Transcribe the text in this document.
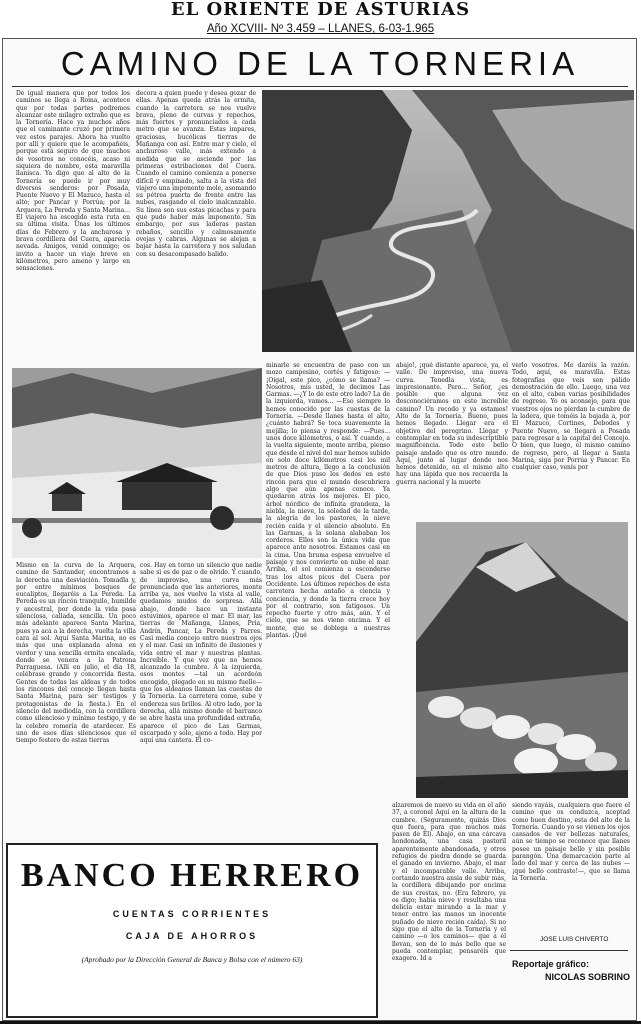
EL ORIENTE DE ASTURIAS
Año XCVIII- Nº 3.459 – LLANES, 6-03-1.965
CAMINO DE LA TORNERIA
De igual manera que por todos los caminos se llega a Roma, acontece que por todas partes podremos alcanzar este milagro extraño que es la Tornería. Hace ya muchos años que el caminante cruzó por primera vez estos parajes. Ahora ha vuelto por allí y quiere que le acompañéis, porque está seguro de que muchos de vosotros no conocéis, acaso ni siquiera de nombre, esta maravilla llanisca. Ya digo que al alto de la Tornería se puede ir por muy diversos senderos: por Posada, Puente Nuevo y El Mazuco, hasta el alto; por Pancar y Porrúa; por la Arquera, La Pereda y Santa Marina... El viajero ha escogido esta ruta en su última visita. Unas los últimos días de Febrero y la anchurosa y brava cordillera del Cuera, aparecía nevada. Amigos, venid conmigo; os invito a hacer un viaje breve en kilómetros, pero ameno y largo en sensaciones.
decora a quien puede y desea gozar de ellas. Apenas queda atrás la ermita, cuando la carretera se nos vuelve brava, pleno de curvas y repechos, más fuertes y pronunciados a cada metro que se avanza. Estas impares, graciosas, bucólicas tierras de Mañanga con así. Entre mar y cielo, el anchuroso valle, más extendo a medida que se asciende por las primeras estribaciones del Cuera. Cuando el camino comienza a ponerse difícil y empinado, salta a la vista del viajero una imponente mole, asomando su pétrea puerta de frente entre las nubes, rasgando el cielo inalcanzable. Su línea son sus estas picachas y para que pudo haber más imponente. Sin embargo, por sus laderas pastan rebaños, sencillo y calmosamente ovejas y cabras. Algunas se alejan a bajar hasta la carretera y nos saludan con su desacompasado balido.
minarle se encuentra de paso con un mozo campesino, cortés y fatigoso: —¡Oigal, este pico, ¿cómo se llama? —Nosotros, mis usted, le decimos Las Garmas. —¿Y lo de este otro lado? La de la izquierda, vamos... —Eso siempre lo hemos conocido por las cuestas de la Tornería. —Desde llanes hasta el alto, ¿cuánto habrá? Se toca suavemente la mejilla; lo piensa y responde: —Pues... unos doce kilómetros, o así. Y cuando, a la vuelta siguiente, monte arriba, pienso que desde el nivel del mar hemos subido en solo doce kilómetros casi los mil metros de altura, llego a la conclusión de que Dios puso los dedos en este rincón para que el mundo descubriera algo que aún apenas conoce. Ya quedaron atrás los mejores. El pico, árbol nórdico de infinita grandeza, la niebla, la nieve, la soledad de la tarde, la alegría de los pastores, la nieve recién caída y el silencio absoluto. En las Garmas, a la solana alababan los corderos. Ellos son la única vida que aparece ante nosotros. Estamos casi en la cima. Una bruma espesa envuelve el paisaje y nos convierte en nube el mar. Arriba, el sol comienza a esconderse tras los altos picos del Cuera por Occidente. Los últimos repechos de esta carretera hecha antaño a ciencia y conciencia, y donde la tierra crece hoy por el contrario, son fatigosos. Un repecho fuerte y otro más, aún. Y el cielo, que se nos viene encima. Y el monte, que se doblega a nuestras plantas. ¡Qué
abajo!, ¡qué distante aparece, ya, el valle. De improviso, una nueva curva. Tenedla vista, es impresionante. Pero... Señor, ¿es posible que alguna vez desconociéramos en este increíble camino? Un recodo y ya estamos! Alto de la Tornería. Bueno, pues hemos llegado. Llegar era el objetivo del peregrino. Llegar y contemplar en toda su indescriptible magnificencia. Todo este bello paisaje andado que es otro mundo. Aquí, junto al lugar donde nos hemos detenido, en el mismo alto hay una lápida que nos recuerda la guerra nacional y la muerte
verlo vosotros. Me daréis la razón. Todo, aquí, es maravilla. Estas fotografías que veis son pálido demostración de ello. Luego, una vez en el alto, caben varias posibilidades de regreso. Yo os aconsejo, para que vuestros ojos no pierdan la cumbre de la ladera, que toméis la bajada a, por El Mazuco, Cortines, Debodes y Puente Nuevo, se llegará a Posada para regresar a la capital del Concejo. O bien, que luego, el mismo camino de regreso, pero, al llegar a Santa Marina, siga por Porrúa y Pancar. En cualquier caso, venís por
Mismo en la curva de la Arquera, camino de Santander, encontramos a la derecha una desviación. Tomadla y, por entre mínimos bosques de eucaliptos, llegaréis a La Pereda. La Pereda es un rincón tranquilo, humilde y ancestral, por donde la vida pasa silenciosa, callada, sencilla. Un poco más adelante aparece Santa Marina, pues ya acá a la derecha, vuelta la villa cara al sol. Aquí Santa Marina, no es más que una explanada alona en verdor y una sencilla ermita encalada, donde se venera a la Patrona Parraguesa. (Allí en julio, el día 18, celébrase grande y concorrida fiesta. Gentes de todas las aldeas y de todos los rincones del concejo llegan hasta Santa Marina, para ser testigos y protagonistas de la fiesta.) En el silencio del mediodía, con la cordillera como silencioso y mínimo testigo, y de la celebre romería de atardecer. Es uno de esos días silenciosos que el tiempo festero de estas tierras
cos. Hay en torno un silencio que nadie sabe si es de paz o de olvido. Y cuando, de improviso, una curva más pronunciada que las anteriores, monte arriba ya, nos vuelve la vista al valle, quedamos mudos de sorpresa. Allá abajo, donde hace un instante estuvimos, aparece el mar. El mar, las tierras de Mañanga, Llanes, Pria, Andrín, Pancar, La Pereda y Parres. Casi media concejo entre nuestros ojos y el mar. Casi un infinito de ilusiones y vida entre el mar y nuestras plantas. Increíble. Y que vez que no hemos alcanzado la cumbre. A la izquierda, esos montes —tal un acordeón encogido, plegado en su mismo fuelle— que los aldeanos llaman las cuestas de la Tornería. La carretera come, sube y endereza sus brillos. Al otro lado, por la derecha, allá mismo donde el barranco se abre hasta una profundidad extraña, aparece el pico de Las Garmas, escarpado y solo, ajeno a todo. Hay por aquí una cantera. El co-
alzaremos de nuevo su vida en el año 37, a coronel Aquí en la altura de la cumbre. (Seguramente, quizás Dios que fuera, para que muchos más pasen de Él). Abajo, en una cárcava hondonada, una casa pastoril aparentemente abandonada, y otros refugios de piedra donde se guarda el ganado en invierno. Abajo, el mar y el incomparable valle. Arriba, cortando nuestra ansia de subir más, la cordillera dibujando por encima de sus crestas, no. (Era febrero, ya os digo; había nieve y resultaba una delicia estar mirando a la mar y tener entre las manos un inocente puñado de nieve recién caída). Si no sigo que el alto de la Tornería y el camino —o los caminos— que a él llevan, son de lo más bello que se pueda contemplar, pensaréis que exagero. Id a
siendo vayáis, cualquiera que fuere el camino que os conduzca, aceptad como buen destino, esta del alto de la Tornería. Cuando yo se vienen los ojos cansados de ver bellezas naturales, aún se tiempo se reconoce que llanes posee un paisaje bello y sin posible parangón. Una demarcación parte al lado del mar y cerca de las nubes —¡qué bello contraste!—, que se llama la Tornería.
JOSE LUIS CHIVERTO
Reportaje gráfico:
NICOLAS SOBRINO
BANCO HERRERO
CUENTAS CORRIENTES
CAJA DE AHORROS
(Aprobado por la Dirección General de Banca y Bolsa con el número 63)
